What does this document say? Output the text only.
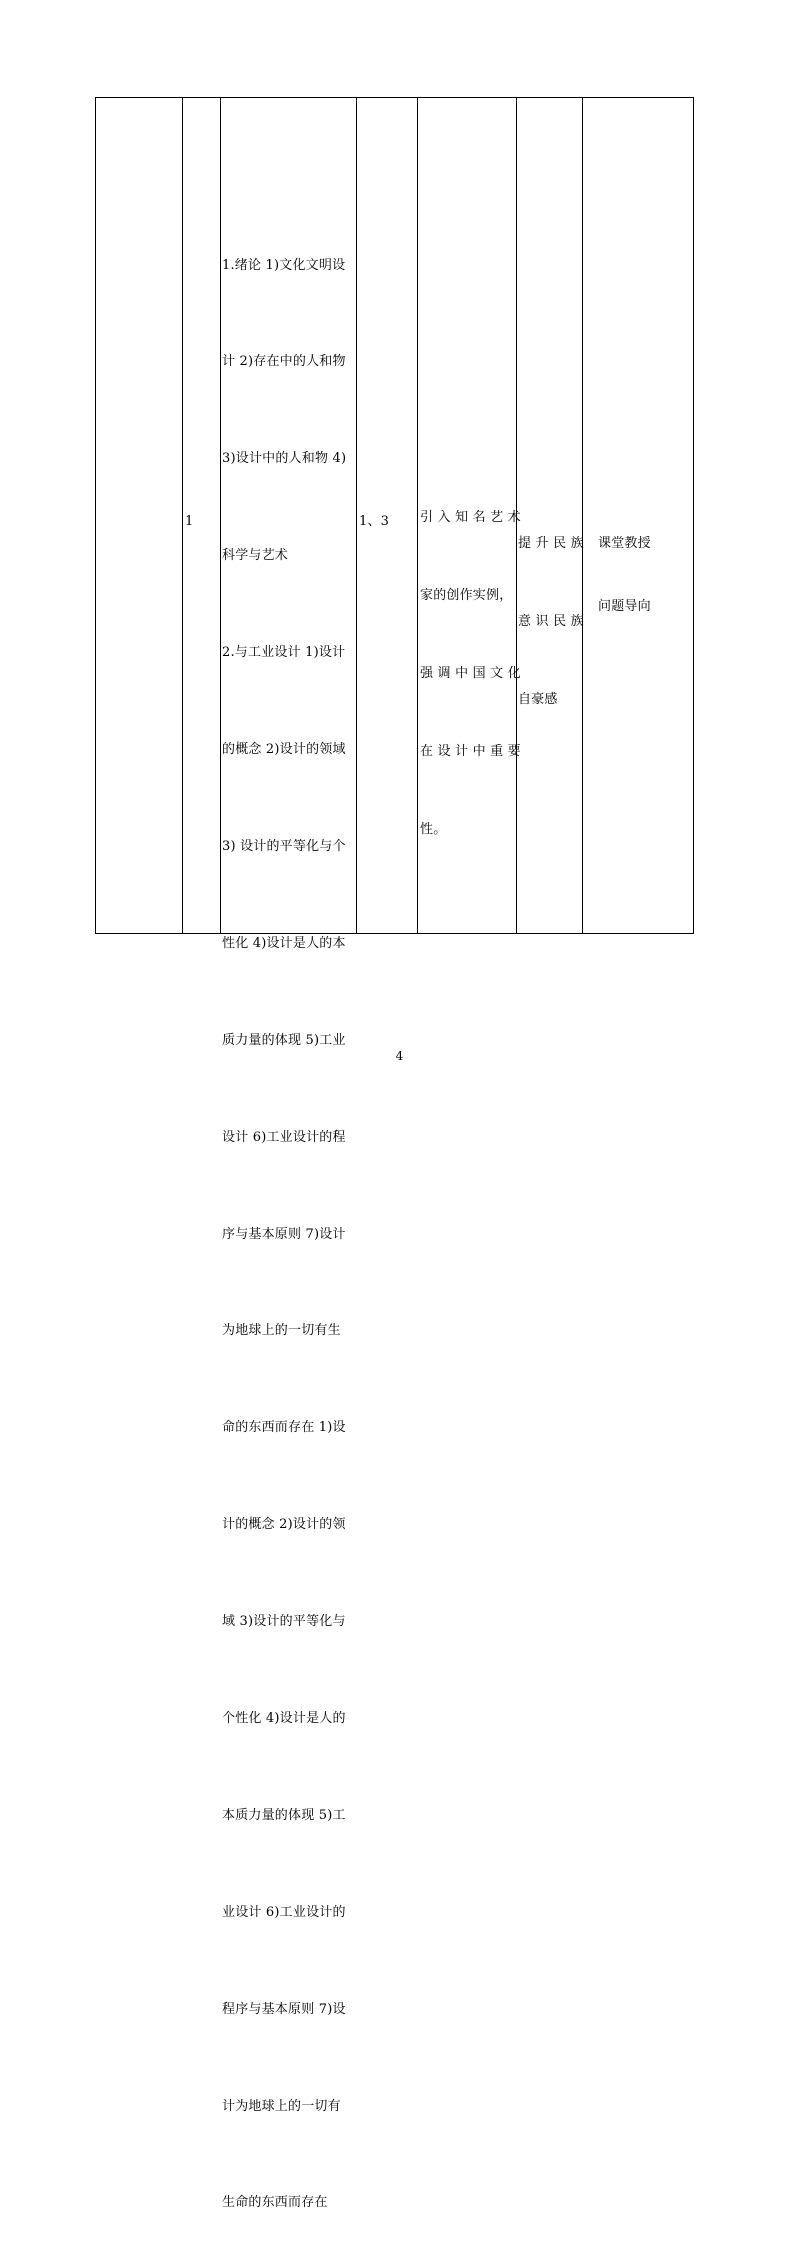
1

1.绪论 1)文化文明设

计 2)存在中的人和物

3)设计中的人和物 4)

科学与艺术

2.与工业设计 1)设计

的概念 2)设计的领域

3) 设计的平等化与个

性化 4)设计是人的本

质力量的体现 5)工业

设计 6)工业设计的程

序与基本原则 7)设计

为地球上的一切有生

命的东西而存在 1)设

计的概念 2)设计的领

域 3)设计的平等化与

个性化 4)设计是人的

本质力量的体现 5)工

业设计 6)工业设计的

程序与基本原则 7)设

计为地球上的一切有

生命的东西而存在

1、3

引 入 知 名 艺 术

家的创作实例，

强 调 中 国 文 化

在 设 计 中 重 要

性。

提 升 民 族

意 识 民 族

自豪感

课堂教授

问题导向

4
